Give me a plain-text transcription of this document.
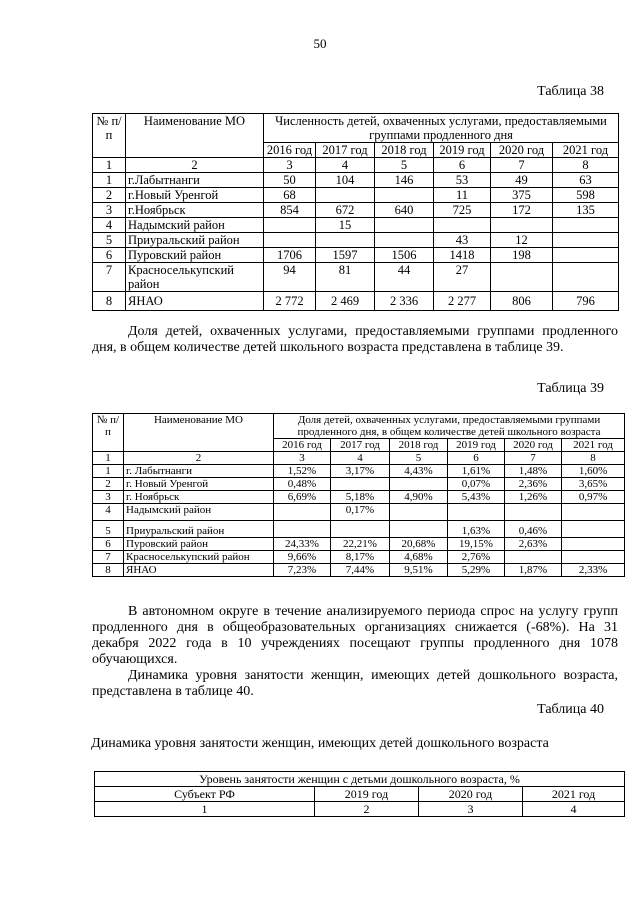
50
Таблица 38
№ п/п	Наименование МО	Численность детей, охваченных услугами, предоставляемыми группами продленного дня					
		2016 год	2017 год	2018 год	2019 год	2020 год	2021 год
1	2	3	4	5	6	7	8
1	г.Лабытнанги	50	104	146	53	49	63
2	г.Новый Уренгой	68			11	375	598
3	г.Ноябрьск	854	672	640	725	172	135
4	Надымский район		15				
5	Приуральский район				43	12	
6	Пуровский район	1706	1597	1506	1418	198	
7	Красноселькупский район	94	81	44	27		
8	ЯНАО	2 772	2 469	2 336	2 277	806	796

Доля детей, охваченных услугами, предоставляемыми группами продленного дня, в общем количестве детей школьного возраста представлена в таблице 39.

Таблица 39
№ п/п	Наименование МО	Доля детей, охваченных услугами, предоставляемыми группами продленного дня, в общем количестве детей школьного возраста					
		2016 год	2017 год	2018 год	2019 год	2020 год	2021 год
1	2	3	4	5	6	7	8
1	г. Лабытнанги	1,52%	3,17%	4,43%	1,61%	1,48%	1,60%
2	г. Новый Уренгой	0,48%			0,07%	2,36%	3,65%
3	г. Ноябрьск	6,69%	5,18%	4,90%	5,43%	1,26%	0,97%
4	Надымский район		0,17%				
5	Приуральский район				1,63%	0,46%	
6	Пуровский район	24,33%	22,21%	20,68%	19,15%	2,63%	
7	Красноселькупский район	9,66%	8,17%	4,68%	2,76%		
8	ЯНАО	7,23%	7,44%	9,51%	5,29%	1,87%	2,33%

В автономном округе в течение анализируемого периода спрос на услугу групп продленного дня в общеобразовательных организациях снижается (-68%). На 31 декабря 2022 года в 10 учреждениях посещают группы продленного дня 1078 обучающихся.

Динамика уровня занятости женщин, имеющих детей дошкольного возраста, представлена в таблице 40.

Таблица 40
Динамика уровня занятости женщин, имеющих детей дошкольного возраста
Уровень занятости женщин с детьми дошкольного возраста, %			
Субъект РФ	2019 год	2020 год	2021 год
1	2	3	4
